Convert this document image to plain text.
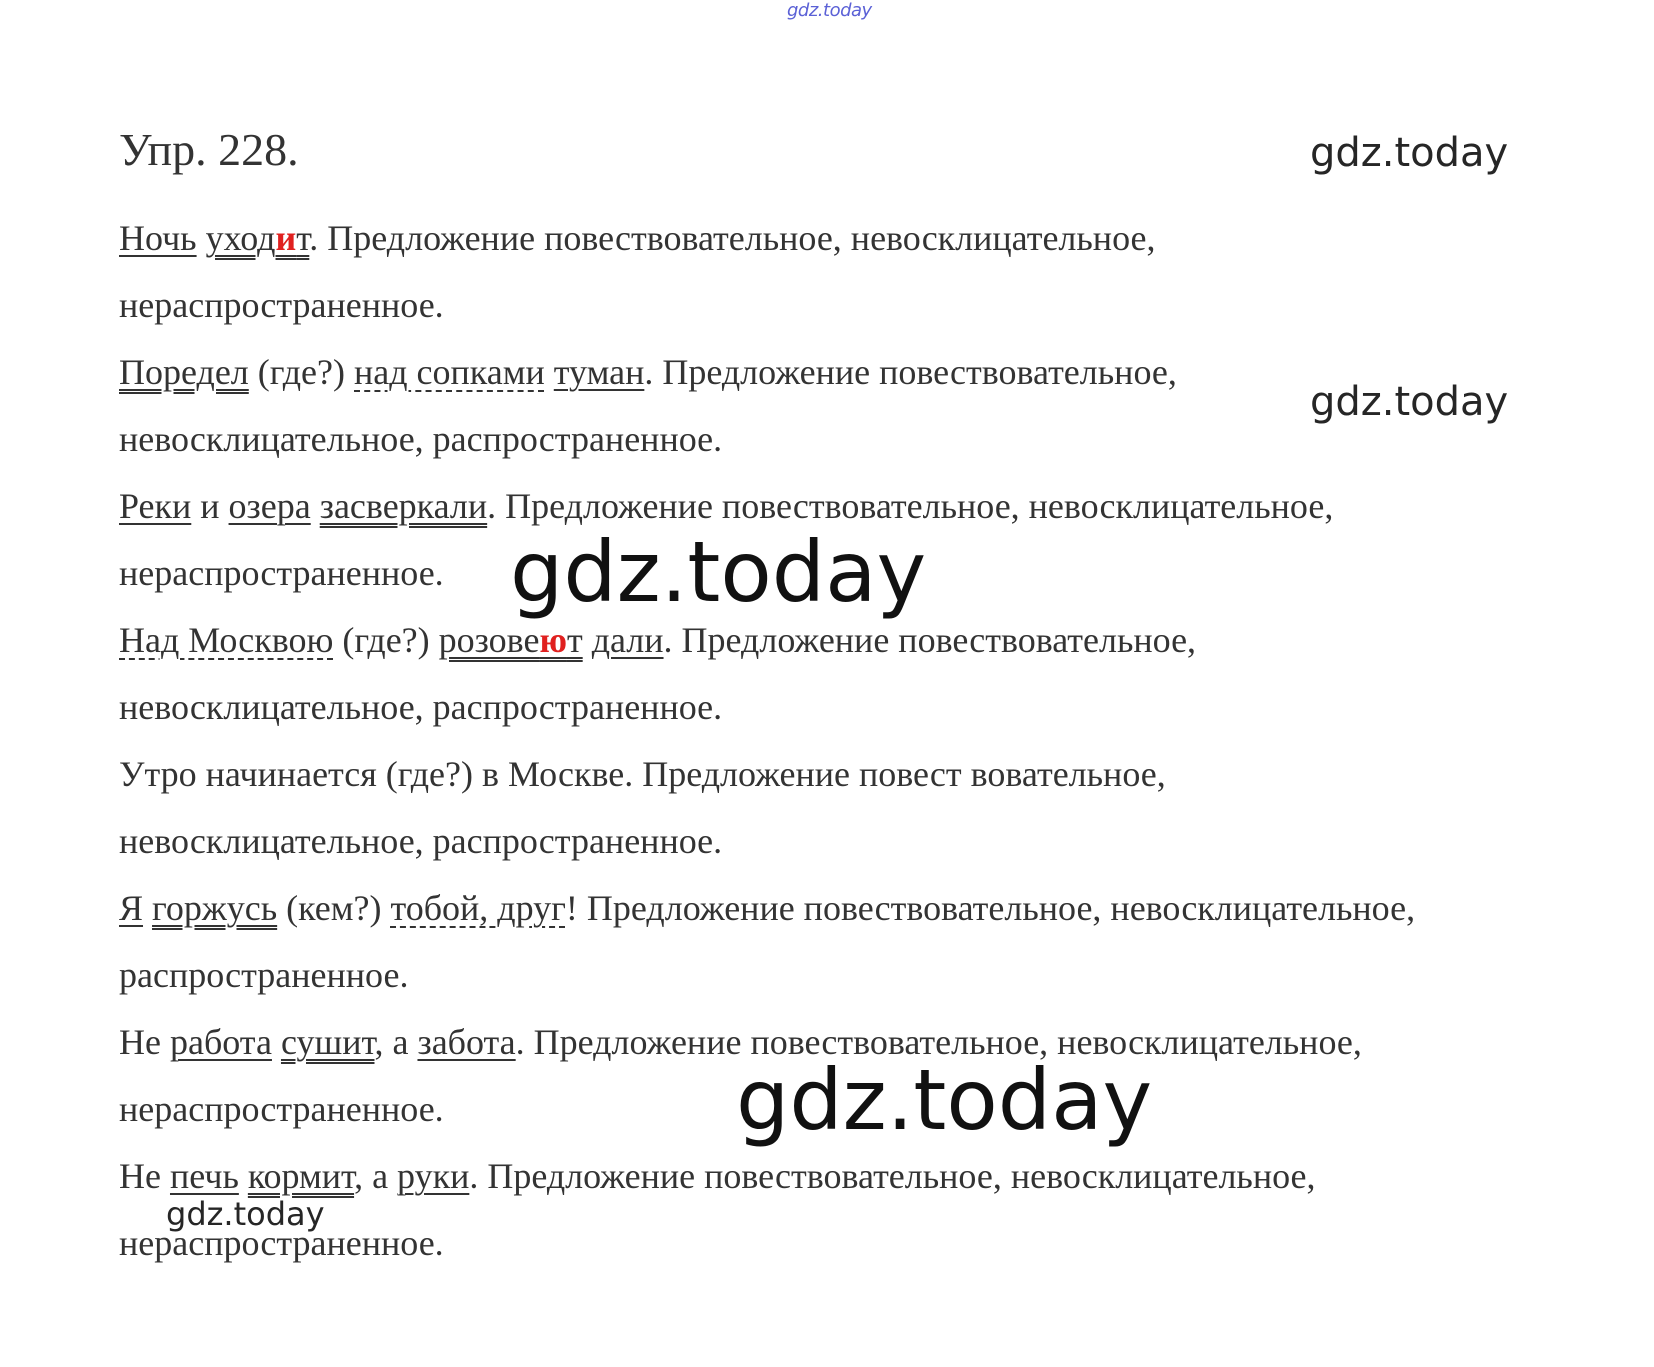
gdz.today
gdz.today
gdz.today
Упр. 228.
Ночь уходит. Предложение повествовательное, невосклицательное,
нераспространенное.
Поредел (где?) над сопками туман. Предложение повествовательное,
невосклицательное, распространенное.
Реки и озера засверкали. Предложение повествовательное, невосклицательное,
нераспространенное.
Над Москвою (где?) розовеют дали. Предложение повествовательное,
невосклицательное, распространенное.
Утро начинается (где?) в Москве. Предложение повест вовательное,
невосклицательное, распространенное.
Я горжусь (кем?) тобой, друг! Предложение повествовательное, невосклицательное,
распространенное.
Не работа сушит, а забота. Предложение повествовательное, невосклицательное,
нераспространенное.
Не печь кормит, а руки. Предложение повествовательное, невосклицательное,
нераспространенное.
gdz.today
gdz.today
gdz.today
